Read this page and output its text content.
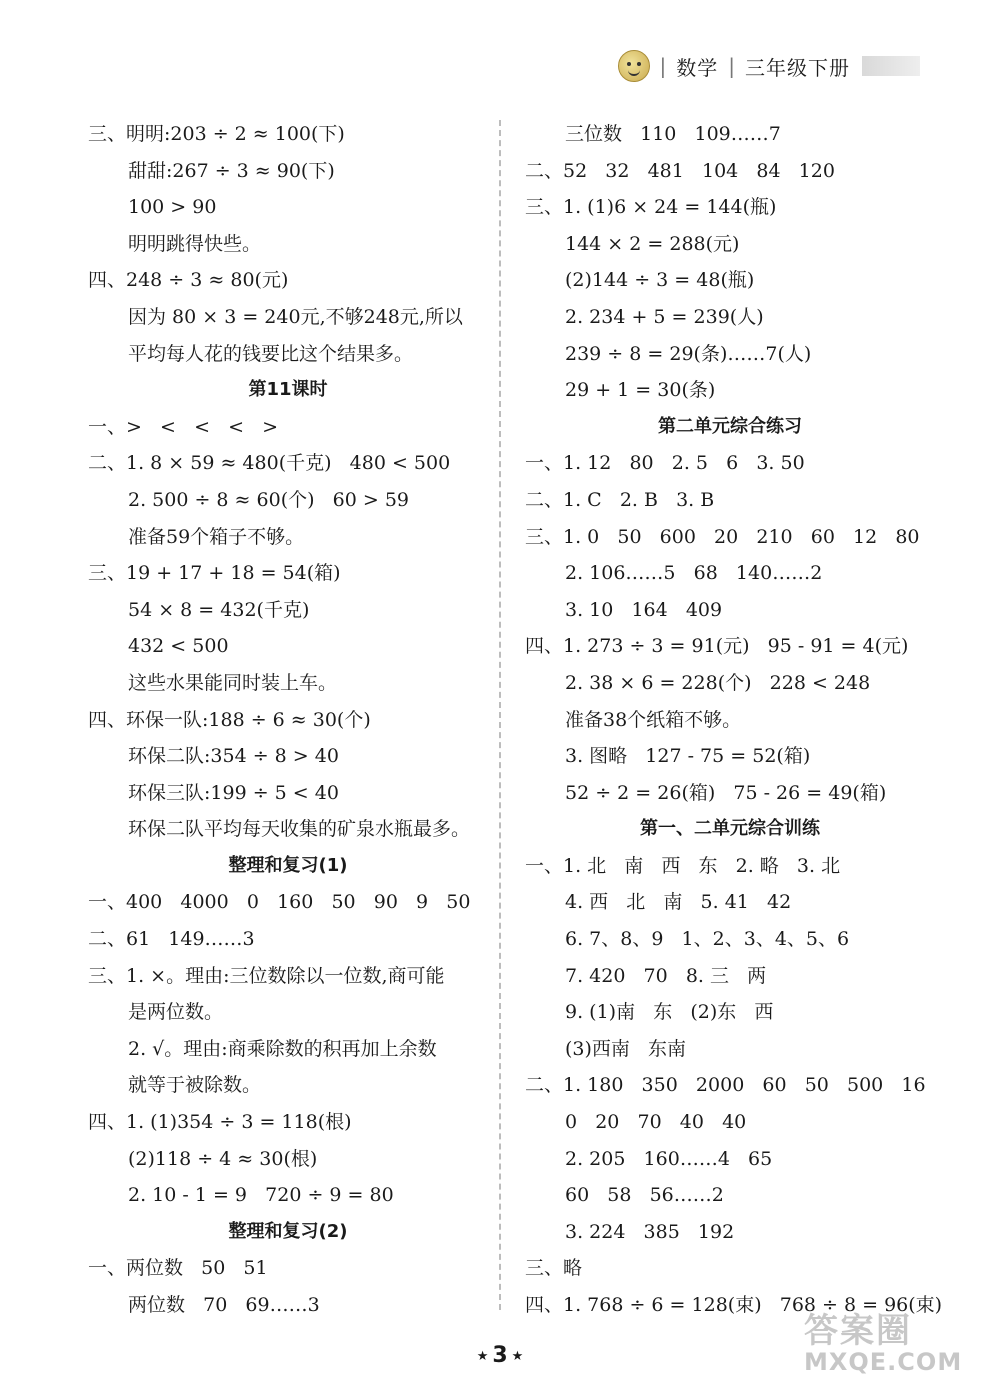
| 数学 | 三年级下册
三、明明:203 ÷ 2 ≈ 100(下)
甜甜:267 ÷ 3 ≈ 90(下)
100 > 90
明明跳得快些。
四、248 ÷ 3 ≈ 80(元)
因为 80 × 3 = 240元,不够248元,所以
平均每人花的钱要比这个结果多。
第11课时
一、>   <   <   <   >
二、1. 8 × 59 ≈ 480(千克)   480 < 500
2. 500 ÷ 8 ≈ 60(个)   60 > 59
准备59个箱子不够。
三、19 + 17 + 18 = 54(箱)
54 × 8 = 432(千克)
432 < 500
这些水果能同时装上车。
四、环保一队:188 ÷ 6 ≈ 30(个)
环保二队:354 ÷ 8 > 40
环保三队:199 ÷ 5 < 40
环保二队平均每天收集的矿泉水瓶最多。
整理和复习(1)
一、400   4000   0   160   50   90   9   50
二、61   149……3
三、1. ×。理由:三位数除以一位数,商可能
是两位数。
2. √。理由:商乘除数的积再加上余数
就等于被除数。
四、1. (1)354 ÷ 3 = 118(根)
(2)118 ÷ 4 ≈ 30(根)
2. 10 - 1 = 9   720 ÷ 9 = 80
整理和复习(2)
一、两位数   50   51
两位数   70   69……3
三位数   110   109……7
二、52   32   481   104   84   120
三、1. (1)6 × 24 = 144(瓶)
144 × 2 = 288(元)
(2)144 ÷ 3 = 48(瓶)
2. 234 + 5 = 239(人)
239 ÷ 8 = 29(条)……7(人)
29 + 1 = 30(条)
第二单元综合练习
一、1. 12   80   2. 5   6   3. 50
二、1. C   2. B   3. B
三、1. 0   50   600   20   210   60   12   80
2. 106……5   68   140……2
3. 10   164   409
四、1. 273 ÷ 3 = 91(元)   95 - 91 = 4(元)
2. 38 × 6 = 228(个)   228 < 248
准备38个纸箱不够。
3. 图略   127 - 75 = 52(箱)
52 ÷ 2 = 26(箱)   75 - 26 = 49(箱)
第一、二单元综合训练
一、1. 北   南   西   东   2. 略   3. 北
4. 西   北   南   5. 41   42
6. 7、8、9   1、2、3、4、5、6
7. 420   70   8. 三   两
9. (1)南   东   (2)东   西
(3)西南   东南
二、1. 180   350   2000   60   50   500   16
0   20   70   40   40
2. 205   160……4   65
60   58   56……2
3. 224   385   192
三、略
四、1. 768 ÷ 6 = 128(束)   768 ÷ 8 = 96(束)
★ 3 ★
答案圈
MXQE.COM
